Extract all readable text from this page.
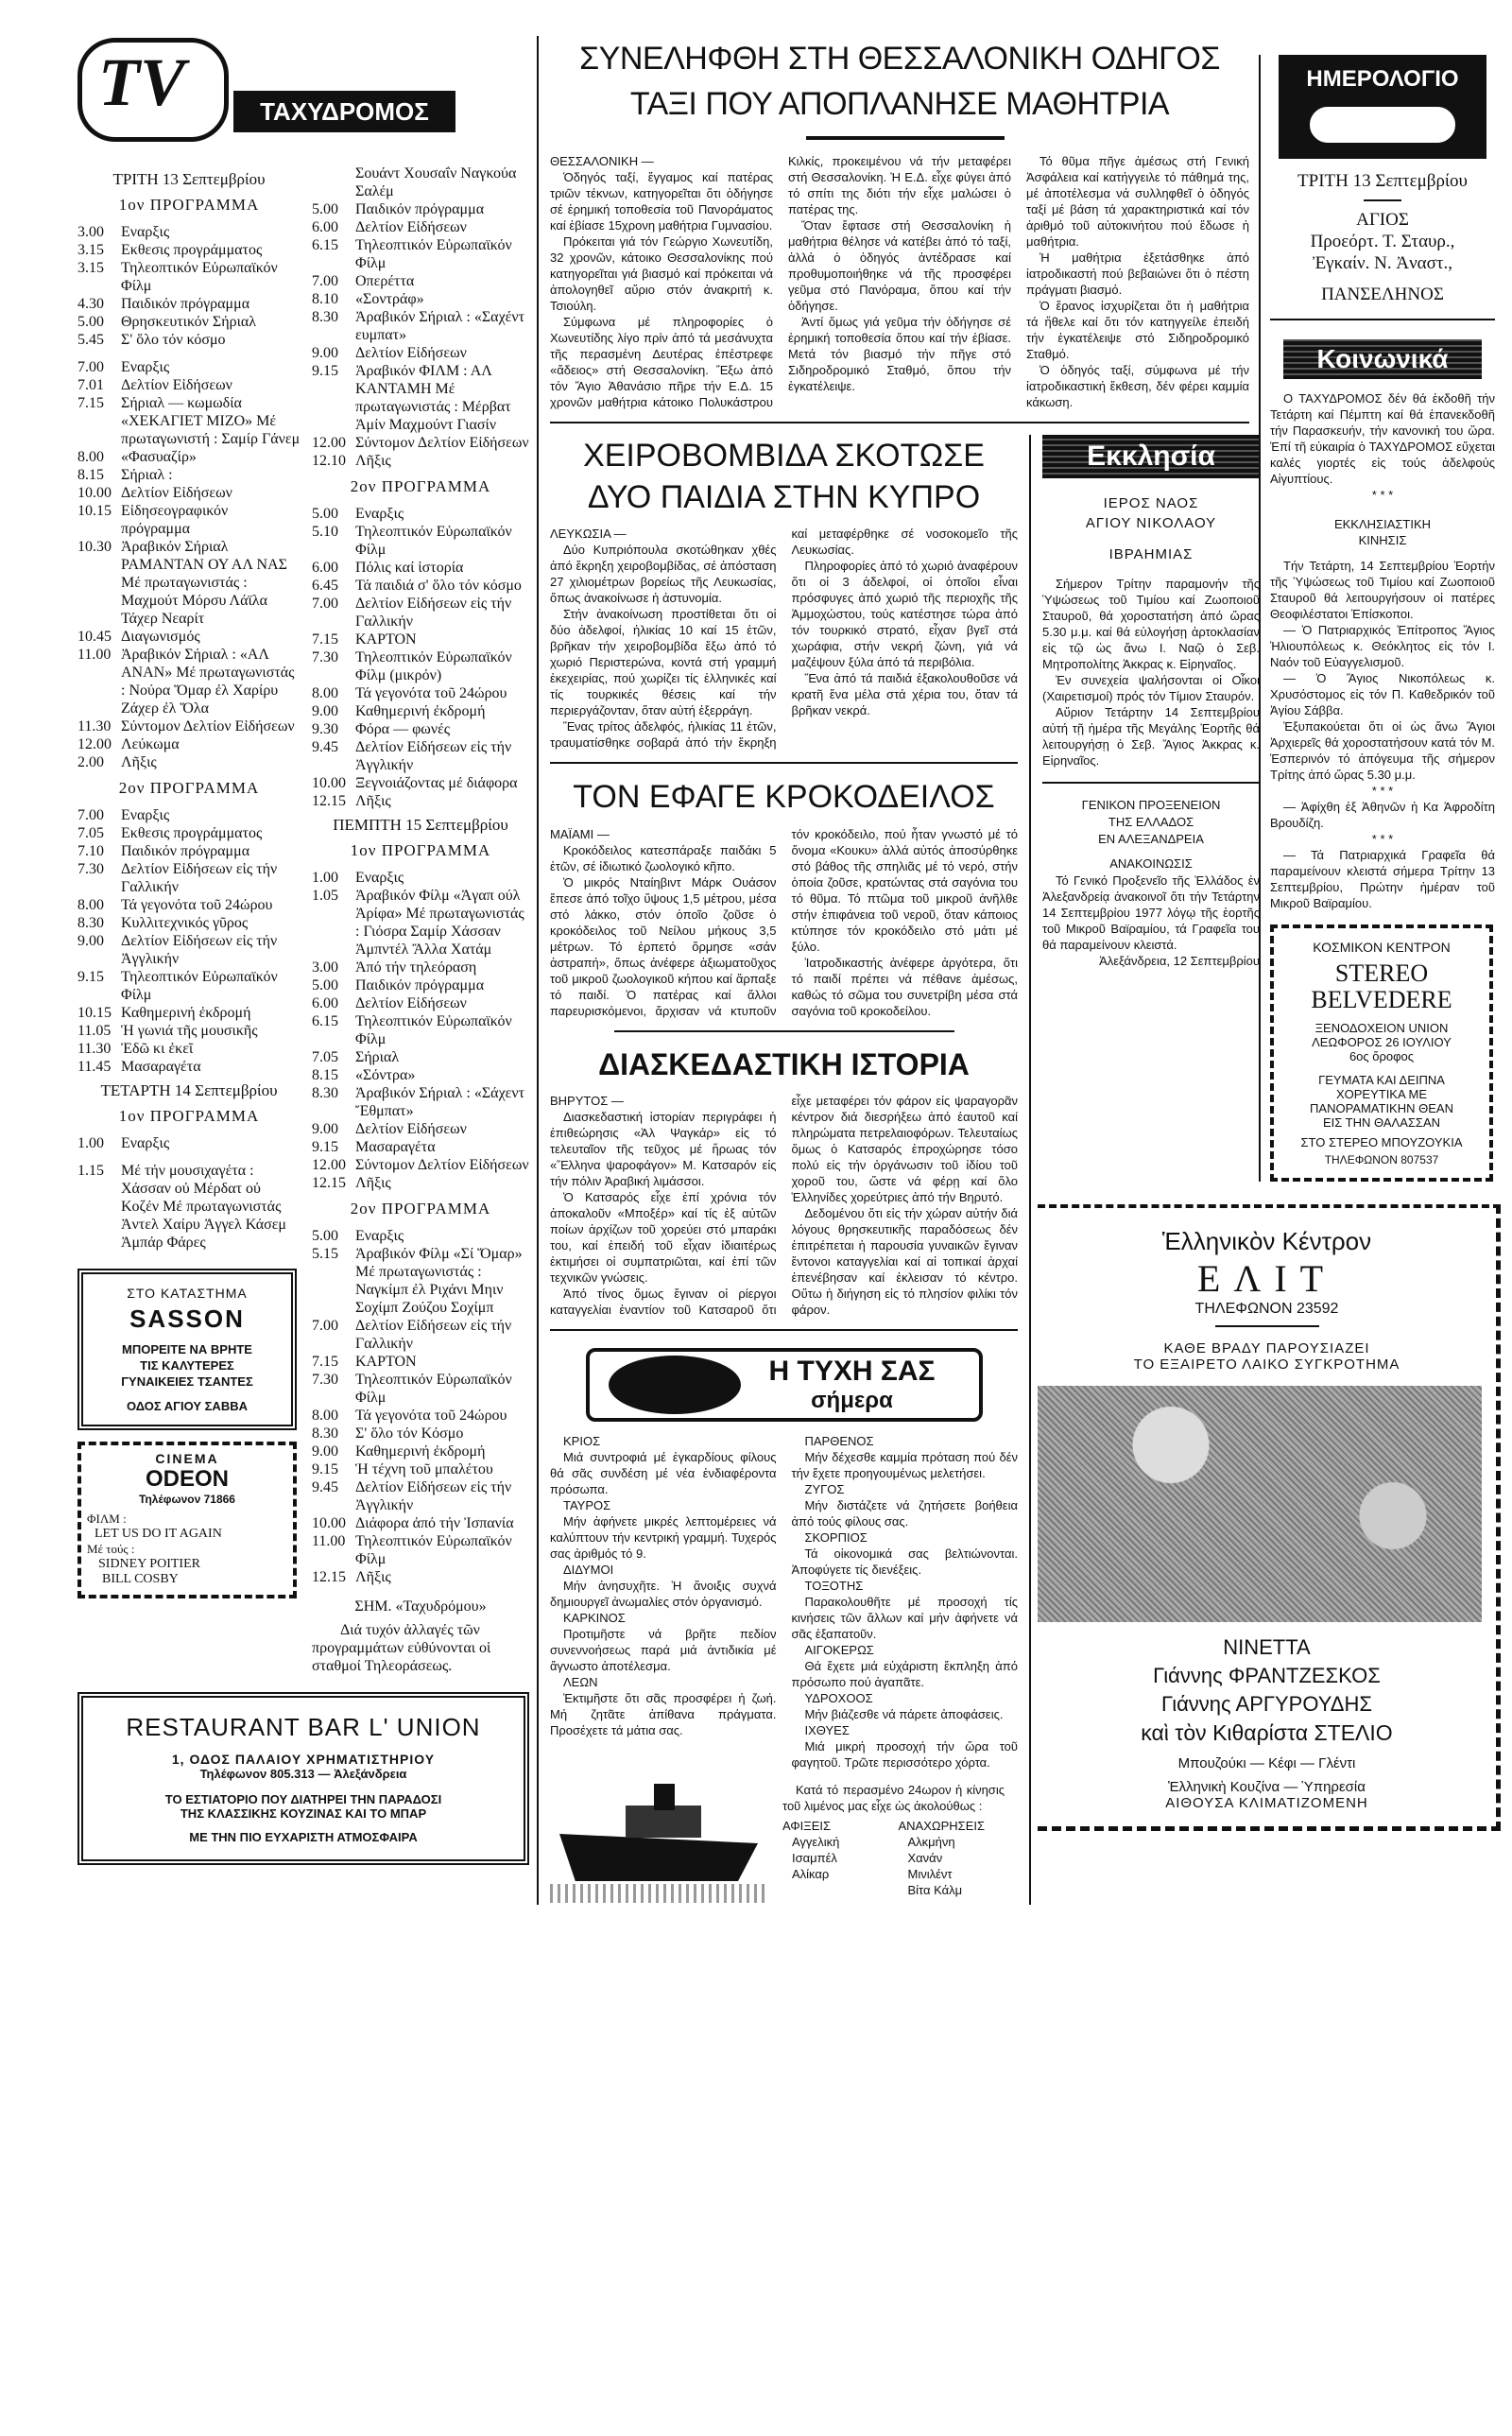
TV	ΤΑΧΥΔΡΟΜΟΣ
ΤΡΙΤΗ 13 Σεπτεμβρίου
1ον ΠΡΟΓΡΑΜΜΑ
3.00	Εναρξις
3.15	Εκθεσις προγράμματος
3.15	Τηλεοπτικόν Εὐρωπαϊκόν Φίλμ
4.30	Παιδικόν πρόγραμμα
5.00	Θρησκευτικόν Σήριαλ
5.45	Σ' ὅλο τόν κόσμο
7.00	Εναρξις
7.01	Δελτίον Εἰδήσεων
7.15	Σήριαλ — κωμωδία «ΧΕΚΑΓΙΕΤ ΜΙΖΟ» Μέ πρωταγωνιστή : Σαμίρ Γάνεμ
8.00	«Φασυαζίρ»
8.15	Σήριαλ :
10.00 Δελτίον Εἰδήσεων
10.15 Εἰδησεογραφικόν πρόγραμμα
10.30 Ἀραβικόν Σήριαλ ΡΑΜΑΝΤΑΝ ΟΥ ΑΛ ΝΑΣ Μέ πρωταγωνιστάς : Μαχμούτ Μόρσυ Λάϊλα Τάχερ Νεαρίτ
10.45 Διαγωνισμός
11.00 Ἀραβικόν Σήριαλ : «ΑΛ ΑΝΑΝ» Μέ πρωταγωνιστάς : Νούρα Ὅμαρ ἐλ Χαρίρυ Ζάχερ ἐλ Ὅλα
11.30 Σύντομον Δελτίον Εἰδήσεων
12.00 Λεύκωμα
2.00	Λῆξις
2ον ΠΡΟΓΡΑΜΜΑ
7.00	Εναρξις
7.05	Εκθεσις προγράμματος
7.10	Παιδικόν πρόγραμμα
7.30	Δελτίον Εἰδήσεων εἰς τήν Γαλλικήν
8.00	Τά γεγονότα τοῦ 24ώρου
8.30	Κυλλιτεχνικός γῦρος
9.00	Δελτίον Εἰδήσεων εἰς τήν Ἀγγλικήν
9.15	Τηλεοπτικόν Εὐρωπαϊκόν Φίλμ
10.15 Καθημερινή ἐκδρομή
11.05 Ἡ γωνιά τῆς μουσικῆς
11.30 Ἐδῶ κι ἐκεῖ
11.45 Μασαραγέτα
ΤΕΤΑΡΤΗ 14 Σεπτεμβρίου
1ον ΠΡΟΓΡΑΜΜΑ
1.00	Εναρξις
1.15	Μέ τήν μουσιχαγέτα : Χάσσαν οὐ Μέρδατ οὐ Κοζέν Μέ πρωταγωνιστάς Ἀντελ Χαίρυ Ἀγγελ Κάσεμ Ἀμπάρ Φάρες
ΣΤΟ ΚΑΤΑΣΤΗΜΑ
SASSON
ΜΠΟΡΕΙΤΕ ΝΑ ΒΡΗΤΕ
ΤΙΣ ΚΑΛΥΤΕΡΕΣ
ΓΥΝΑΙΚΕΙΕΣ ΤΣΑΝΤΕΣ
ΟΔΟΣ ΑΓΙΟΥ ΣΑΒΒΑ
CINEMA
ODEON
Τηλέφωνον 71866
ΦΙΛΜ :
LET US DO IT AGAIN
Μέ τούς :
SIDNEY POITIER
BILL COSBY
Σουάντ Χουσαΐν Ναγκούα Σαλέμ
5.00	Παιδικόν πρόγραμμα
6.00	Δελτίον Εἰδήσεων
6.15	Τηλεοπτικόν Εὐρωπαϊκόν Φίλμ
7.00	Οπερέττα
8.10	«Σοντράφ»
8.30	Ἀραβικόν Σήριαλ : «Σαχέντ ευμπατ»
9.00	Δελτίον Εἰδήσεων
9.15	Ἀραβικόν ΦΙΛΜ : ΑΛ ΚΑΝΤΑΜΗ Μέ πρωταγωνιστάς : Μέρβατ Ἀμίν Μαχμούντ Γιασίν
12.00 Σύντομον Δελτίον Εἰδήσεων
12.10 Λῆξις
2ον ΠΡΟΓΡΑΜΜΑ
5.00	Εναρξις
5.10	Τηλεοπτικόν Εὐρωπαϊκόν Φίλμ
6.00	Πόλις καί ἱστορία
6.45	Τά παιδιά σ' ὅλο τόν κόσμο
7.00	Δελτίον Εἰδήσεων εἰς τήν Γαλλικήν
7.15	ΚΑΡΤΟΝ
7.30	Τηλεοπτικόν Εὐρωπαϊκόν Φίλμ (μικρόν)
8.00	Τά γεγονότα τοῦ 24ώρου
9.00	Καθημερινή ἐκδρομή
9.30	Φόρα — φωνές
9.45	Δελτίον Εἰδήσεων εἰς τήν Ἀγγλικήν
10.00 Ξεγνοιάζοντας μέ διάφορα
12.15 Λῆξις
ΠΕΜΠΤΗ 15 Σεπτεμβρίου
1ον ΠΡΟΓΡΑΜΜΑ
1.00	Εναρξις
1.05	Ἀραβικόν Φίλμ «Ἀγαπ ούλ Ἀρίφα» Μέ πρωταγωνιστάς : Γιόσρα Σαμίρ Χάσσαν Ἀμπντέλ Ἄλλα Χατάμ
3.00	Ἀπό τήν τηλεόραση
5.00	Παιδικόν πρόγραμμα
6.00	Δελτίον Εἰδήσεων
6.15	Τηλεοπτικόν Εὐρωπαϊκόν Φίλμ
7.05	Σήριαλ
8.15	«Σόντρα»
8.30	Ἀραβικόν Σήριαλ : «Σάχεντ Ἔθμπατ»
9.00	Δελτίον Εἰδήσεων
9.15	Μασαραγέτα
12.00 Σύντομον Δελτίον Εἰδήσεων
12.15 Λῆξις
2ον ΠΡΟΓΡΑΜΜΑ
5.00	Εναρξις
5.15	Ἀραβικόν Φίλμ «Σί Ὅμαρ» Μέ πρωταγωνιστάς : Ναγκίμπ ἐλ Ριχάνι Μηιν Σοχίμπ Ζούζου Σοχίμπ
7.00	Δελτίον Εἰδήσεων εἰς τήν Γαλλικήν
7.15	ΚΑΡΤΟΝ
7.30	Τηλεοπτικόν Εὐρωπαϊκόν Φίλμ
8.00	Τά γεγονότα τοῦ 24ώρου
8.30	Σ' ὅλο τόν Κόσμο
9.00	Καθημερινή ἐκδρομή
9.15	Ἡ τέχνη τοῦ μπαλέτου
9.45	Δελτίον Εἰδήσεων εἰς τήν Ἀγγλικήν
10.00 Διάφορα ἀπό τήν Ἰσπανία
11.00 Τηλεοπτικόν Εὐρωπαϊκόν Φίλμ
12.15 Λῆξις
ΣΗΜ. «Ταχυδρόμου»
Διά τυχόν ἀλλαγές τῶν προγραμμάτων εὐθύνονται οἱ σταθμοί Τηλεοράσεως.
RESTAURANT BAR L' UNION
1, ΟΔΟΣ ΠΑΛΑΙΟΥ ΧΡΗΜΑΤΙΣΤΗΡΙΟΥ
Τηλέφωνον 805.313 — Ἀλεξάνδρεια
ΤΟ ΕΣΤΙΑΤΟΡΙΟ ΠΟΥ ΔΙΑΤΗΡΕΙ ΤΗΝ ΠΑΡΑΔΟΣΙ
ΤΗΣ ΚΛΑΣΣΙΚΗΣ ΚΟΥΖΙΝΑΣ ΚΑΙ ΤΟ ΜΠΑΡ
ΜΕ ΤΗΝ ΠΙΟ ΕΥΧΑΡΙΣΤΗ ΑΤΜΟΣΦΑΙΡΑ
ΣΥΝΕΛΗΦΘΗ ΣΤΗ ΘΕΣΣΑΛΟΝΙΚΗ ΟΔΗΓΟΣ
ΤΑΞΙ ΠΟΥ ΑΠΟΠΛΑΝΗΣΕ ΜΑΘΗΤΡΙΑ

ΘΕΣΣΑΛΟΝΙΚΗ —

Ὁδηγός ταξί, ἔγγαμος καί πατέρας τριῶν τέκνων, κατηγορεῖται ὅτι ὁδήγησε σέ ἐρημική τοποθεσία τοῦ Πανοράματος καί ἐβίασε 15χρονη μαθήτρια Γυμνασίου.

Πρόκειται γιά τόν Γεώργιο Χωνευτίδη, 32 χρονῶν, κάτοικο Θεσσαλονίκης πού κατηγορεῖται γιά βιασμό καί πρόκειται νά ἀπολογηθεῖ αὔριο στόν ἀνακριτή κ. Τσιούλη.

Σύμφωνα μέ πληροφορίες ὁ Χωνευτίδης λίγο πρίν ἀπό τά μεσάνυχτα τῆς περασμένη Δευτέρας ἐπέστρεφε «ἄδειος» στή Θεσσαλονίκη. Ἔξω ἀπό τόν Ἅγιο Ἀθανάσιο πῆρε τήν Ε.Δ. 15 χρονῶν μαθήτρια κάτοικο Πολυκάστρου Κιλκίς, προκειμένου νά τήν μεταφέρει στή Θεσσαλονίκη. Ἡ Ε.Δ. εἶχε φύγει ἀπό τό σπίτι της διότι τήν εἶχε μαλώσει ὁ πατέρας της.

Ὅταν ἔφτασε στή Θεσσαλονίκη ἡ μαθήτρια θέλησε νά κατέβει ἀπό τό ταξί, ἀλλά ὁ ὁδηγός ἀντέδρασε καί προθυμοποιήθηκε νά τῆς προσφέρει γεῦμα στό Πανόραμα, ὅπου καί τήν ὁδήγησε.

Ἀντί ὅμως γιά γεῦμα τήν ὁδήγησε σέ ἐρημική τοποθεσία ὅπου καί τήν ἐβίασε. Μετά τόν βιασμό τήν πῆγε στό Σιδηροδρομικό Σταθμό, ὅπου τήν ἐγκατέλειψε.

Τό θῦμα πῆγε ἀμέσως στή Γενική Ἀσφάλεια καί κατήγγειλε τό πάθημά της, μέ ἀποτέλεσμα νά συλληφθεῖ ὁ ὁδηγός ταξί μέ βάση τά χαρακτηριστικά καί τόν ἀριθμό τοῦ αὐτοκινήτου πού ἔδωσε ἡ μαθήτρια.

Ἡ μαθήτρια ἐξετάσθηκε ἀπό ἰατροδικαστή πού βεβαιώνει ὅτι ὁ πέστη πράγματι βιασμό.

Ὁ ἔρανος ἰσχυρίζεται ὅτι ἡ μαθήτρια τά ἤθελε καί ὅτι τόν κατηγγείλε ἐπειδή τήν ἐγκατέλειψε στό Σιδηροδρομικό Σταθμό.

Ὁ ὁδηγός ταξί, σύμφωνα μέ τήν ἰατροδικαστική ἔκθεση, δέν φέρει καμμία κάκωση.

ΧΕΙΡΟΒΟΜΒΙΔΑ ΣΚΟΤΩΣΕ
ΔΥΟ ΠΑΙΔΙΑ ΣΤΗΝ ΚΥΠΡΟ

ΛΕΥΚΩΣΙΑ —

Δύο Κυπριόπουλα σκοτώθηκαν χθές ἀπό ἔκρηξη χειροβομβίδας, σέ ἀπόσταση 27 χιλιομέτρων βορείως τῆς Λευκωσίας, ὅπως ἀνακοίνωσε ἡ ἀστυνομία.

Στήν ἀνακοίνωση προστίθεται ὅτι οἱ δύο ἀδελφοί, ἡλικίας 10 καί 15 ἐτῶν, βρῆκαν τήν χειροβομβίδα ἔξω ἀπό τό χωριό Περιστερώνα, κοντά στή γραμμή ἐκεχειρίας, πού χωρίζει τίς ἑλληνικές καί τίς τουρκικές θέσεις καί τήν περιεργάζονταν, ὅταν αὐτή ἐξερράγη.

Ἕνας τρίτος ἀδελφός, ἡλικίας 11 ἐτῶν, τραυματίσθηκε σοβαρά ἀπό τήν ἔκρηξη καί μεταφέρθηκε σέ νοσοκομεῖο τῆς Λευκωσίας.

Πληροφορίες ἀπό τό χωριό ἀναφέρουν ὅτι οἱ 3 ἀδελφοί, οἱ ὁποῖοι εἶναι πρόσφυγες ἀπό χωριό τῆς περιοχῆς τῆς Ἀμμοχώστου, τούς κατέστησε τώρα ἀπό τόν τουρκικό στρατό, εἶχαν βγεῖ στά χωράφια, στήν νεκρή ζώνη, γιά νά μαζέψουν ξύλα ἀπό τά περιβόλια.

Ἕνα ἀπό τά παιδιά ἐξακολουθοῦσε νά κρατῆ ἕνα μέλα στά χέρια του, ὅταν τά βρῆκαν νεκρά.

ΤΟΝ ΕΦΑΓΕ ΚΡΟΚΟΔΕΙΛΟΣ

ΜΑΪΑΜΙ —

Κροκόδειλος κατεσπάραξε παιδάκι 5 ἐτῶν, σέ ἰδιωτικό ζωολογικό κῆπο.

Ὁ μικρός Νταίηβιντ Μάρκ Ουάσον ἔπεσε ἀπό τοῖχο ὕψους 1,5 μέτρου, μέσα στό λάκκο, στόν ὁποῖο ζοῦσε ὁ κροκόδειλος τοῦ Νείλου μήκους 3,5 μέτρων. Τό ἑρπετό ὅρμησε «σάν ἀστραπή», ὅπως ἀνέφερε ἀξιωματοῦχος τοῦ μικροῦ ζωολογικοῦ κήπου καί ἅρπαξε τό παιδί. Ὁ πατέρας καί ἄλλοι παρευρισκόμενοι, ἄρχισαν νά κτυποῦν τόν κροκόδειλο, πού ἦταν γνωστό μέ τό ὄνομα «Κουκυ» ἀλλά αὐτός ἀποσύρθηκε στό βάθος τῆς σπηλιᾶς μέ τό νερό, στήν ὁποία ζοῦσε, κρατώντας στά σαγόνια του τό θῦμα. Τό πτῶμα τοῦ μικροῦ ἀνῆλθε στήν ἐπιφάνεια τοῦ νεροῦ, ὅταν κάποιος κτύπησε τόν κροκόδειλο στό μάτι μέ ξύλο.

Ἰατροδικαστής ἀνέφερε ἀργότερα, ὅτι τό παιδί πρέπει νά πέθανε ἀμέσως, καθώς τό σῶμα του συνετρίβη μέσα στά σαγόνια τοῦ κροκοδείλου.

ΔΙΑΣΚΕΔΑΣΤΙΚΗ ΙΣΤΟΡΙΑ

ΒΗΡΥΤΟΣ —

Διασκεδαστική ἱστορίαν περιγράφει ἡ ἐπιθεώρησις «Ἀλ Ψαγκάρ» εἰς τό τελευταῖον τῆς τεῦχος μέ ἥρωας τόν «Ἕλληνα ψαροφάγον» Μ. Κατσαρόν εἰς τήν πόλιν Ἀραβική λιμάσσοι.

Ὁ Κατσαρός εἶχε ἐπί χρόνια τόν ἀποκαλοῦν «Μποξέρ» καί τίς ἐξ αὐτῶν ποίων ἀρχίζων τοῦ χορεύει στό μπαράκι του, καί ἐπειδή τοῦ εἶχαν ἰδιαιτέρως ἐκτιμήσει οἱ συμπατριῶται, καί ἐπί τῶν τεχνικῶν γνώσεις.

Ἀπό τίνος ὅμως ἔγιναν οἱ ρίεργοι καταγγελίαι ἐναντίον τοῦ Κατσαροῦ ὅτι εἶχε μεταφέρει τόν φάρον εἰς ψαραγορᾶν κέντρον διά διεσρήξεω ἀπό ἑαυτοῦ καί πληρώματα πετρελαιοφόρων. Τελευταίως ὅμως ὁ Κατσαρός ἐπροχώρησε τόσο πολύ εἰς τήν ὀργάνωσιν τοῦ ἰδίου τοῦ χοροῦ του, ὥστε νά φέρῃ καί ὅλο Ἑλληνίδες χορεύτριες ἀπό τήν Βηρυτό.

Δεδομένου ὅτι εἰς τήν χώραν αὐτήν διά λόγους θρησκευτικῆς παραδόσεως δέν ἐπιτρέπεται ἡ παρουσία γυναικῶν ἔγιναν ἔντονοι καταγγελίαι καί αἱ τοπικαί ἀρχαί ἐπενέβησαν καί ἐκλεισαν τό κέντρο. Οὕτω ἡ διήγηση εἰς τό πλησίον φιλίκι τόν φάρον.

Η ΤΥΧΗ ΣΑΣ
σήμερα
ΚΡΙΟΣ

Μιά συντροφιά μέ ἐγκαρδίους φίλους θά σᾶς συνδέση μέ νέα ἐνδιαφέροντα πρόσωπα.

ΤΑΥΡΟΣ

Μήν ἀφήνετε μικρές λεπτομέρειες νά καλύπτουν τήν κεντρική γραμμή. Τυχερός σας ἀριθμός τό 9.

ΔΙΔΥΜΟΙ

Μήν ἀνησυχῆτε. Ἡ ἄνοιξις συχνά δημιουργεῖ ἀνωμαλίες στόν ὀργανισμό.

ΚΑΡΚΙΝΟΣ

Προτιμῆστε νά βρῆτε πεδίον συνεννοήσεως παρά μιά ἀντιδικία μέ ἄγνωστο ἀποτέλεσμα.

ΛΕΩΝ

Ἐκτιμῆστε ὅτι σᾶς προσφέρει ἡ ζωή. Μή ζητᾶτε ἀπίθανα πράγματα. Προσέχετε τά μάτια σας.

ΠΑΡΘΕΝΟΣ

Μήν δέχεσθε καμμία πρόταση πού δέν τήν ἔχετε προηγουμένως μελετήσει.

ΖΥΓΟΣ

Μήν διστάζετε νά ζητήσετε βοήθεια ἀπό τούς φίλους σας.

ΣΚΟΡΠΙΟΣ

Τά οἰκονομικά σας βελτιώνονται. Ἀποφύγετε τίς διενέξεις.

ΤΟΞΟΤΗΣ

Παρακολουθῆτε μέ προσοχή τίς κινήσεις τῶν ἄλλων καί μήν ἀφήνετε νά σᾶς ἐξαπατοῦν.

ΑΙΓΟΚΕΡΩΣ

Θά ἔχετε μιά εὐχάριστη ἔκπληξη ἀπό πρόσωπο πού ἀγαπᾶτε.

ΥΔΡΟΧΟΟΣ

Μήν βιάζεσθε νά πάρετε ἀποφάσεις.

ΙΧΘΥΕΣ

Μιά μικρή προσοχή τήν ὥρα τοῦ φαγητοῦ. Τρῶτε περισσότερο χόρτα.

Κατά τό περασμένο 24ωρον ἡ κίνησις τοῦ λιμένος μας εἶχε ὡς ἀκολούθως :

ΑΦΙΞΕΙΣ
Αγγελική
Ισαμπέλ
Αλίκαρ
ΑΝΑΧΩΡΗΣΕΙΣ
Αλκμήνη
Χανάν
Μινιλέντ
Βίτα Κάλμ
Εκκλησία
ΙΕΡΟΣ ΝΑΟΣ
ΑΓΙΟΥ ΝΙΚΟΛΑΟΥ
ΙΒΡΑΗΜΙΑΣ

Σήμερον Τρίτην παραμονήν τῆς Ὑψώσεως τοῦ Τιμίου καί Ζωοποιοῦ Σταυροῦ, θά χοροστατήση ἀπό ὥρας 5.30 μ.μ. καί θά εὐλογήσῃ ἀρτοκλασίαν εἰς τῷ ὡς ἄνω Ι. Ναῷ ὁ Σεβ. Μητροπολίτης Ἀκκρας κ. Εἰρηναῖος.

Ἐν συνεχεία ψαλήσονται οἱ Οἶκοι (Χαιρετισμοί) πρός τόν Τίμιον Σταυρόν.

Αὔριον Τετάρτην 14 Σεπτεμβρίου αὐτή τῇ ἡμέρα τῆς Μεγάλης Ἑορτῆς θά λειτουργήσῃ ὁ Σεβ. Ἅγιος Ἀκκρας κ. Εἰρηναῖος.

ΓΕΝΙΚΟΝ ΠΡΟΞΕΝΕΙΟΝ
ΤΗΣ ΕΛΛΑΔΟΣ
ΕΝ ΑΛΕΞΑΝΔΡΕΙΑ
ΑΝΑΚΟΙΝΩΣΙΣ

Τό Γενικό Προξενεῖο τῆς Ἑλλάδος ἐν Ἀλεξανδρείᾳ ἀνακοινοῖ ὅτι τήν Τετάρτην 14 Σεπτεμβρίου 1977 λόγῳ τῆς ἑορτῆς τοῦ Μικροῦ Βαϊραμίου, τά Γραφεῖα του θά παραμείνουν κλειστά.

Ἀλεξάνδρεια, 12 Σεπτεμβρίου

ΗΜΕΡΟΛΟΓΙΟ
ΤΡΙΤΗ 13 Σεπτεμβρίου
ΑΓΙΟΣ
Προεόρτ. Τ. Σταυρ.,
Ἐγκαίν. Ν. Ἀναστ.,
ΠΑΝΣΕΛΗΝΟΣ
Κοινωνικά

Ο ΤΑΧΥΔΡΟΜΟΣ δέν θά ἐκδοθῆ τήν Τετάρτη καί Πέμπτη καί θά ἐπανεκδοθῆ τήν Παρασκευήν, τήν κανονική του ὥρα. Ἐπί τῆ εὐκαιρία ὁ ΤΑΧΥΔΡΟΜΟΣ εὔχεται καλές γιορτές εἰς τούς ἀδελφούς Αἰγυπτίους.

* * *
ΕΚΚΛΗΣΙΑΣΤΙΚΗ
ΚΙΝΗΣΙΣ

Τήν Τετάρτη, 14 Σεπτεμβρίου Ἑορτήν τῆς Ὑψώσεως τοῦ Τιμίου καί Ζωοποιοῦ Σταυροῦ θά λειτουργήσουν οἱ πατέρες Θεοφιλέστατοι Ἐπίσκοποι.

— Ὁ Πατριαρχικός Ἐπίτροπος Ἅγιος Ἡλιουπόλεως κ. Θεόκλητος εἰς τόν Ι. Ναόν τοῦ Εὐαγγελισμοῦ.

— Ὁ Ἅγιος Νικοπόλεως κ. Χρυσόστομος εἰς τόν Π. Καθεδρικόν τοῦ Ἁγίου Σάββα.

Ἐξυπακούεται ὅτι οἱ ὡς ἄνω Ἅγιοι Ἀρχιερεῖς θά χοροστατήσουν κατά τόν Μ. Ἑσπερινόν τό ἀπόγευμα τῆς σήμερον Τρίτης ἀπό ὥρας 5.30 μ.μ.

* * *

— Ἀφίχθη ἐξ Ἀθηνῶν ἡ Κα Ἀφροδίτη Βρουδίζη.

* * *

— Τά Πατριαρχικά Γραφεῖα θά παραμείνουν κλειστά σήμερα Τρίτην 13 Σεπτεμβρίου, Πρώτην ἡμέραν τοῦ Μικροῦ Βαϊραμίου.

ΚΟΣΜΙΚΟΝ ΚΕΝΤΡΟΝ
STEREO
BELVEDERE
ΞΕΝΟΔΟΧΕΙΟΝ UNION
ΛΕΩΦΟΡΟΣ 26 ΙΟΥΛΙΟΥ
6ος ὄροφος
ΓΕΥΜΑΤΑ ΚΑΙ ΔΕΙΠΝΑ
ΧΟΡΕΥΤΙΚΑ ΜΕ
ΠΑΝΟΡΑΜΑΤΙΚΗΝ ΘΕΑΝ
ΕΙΣ ΤΗΝ ΘΑΛΑΣΣΑΝ
ΣΤΟ ΣΤΕΡΕΟ ΜΠΟΥΖΟΥΚΙΑ
ΤΗΛΕΦΩΝΟΝ 807537
Ἑλληνικὸν Κέντρον
ΕΛΙΤ
ΤΗΛΕΦΩΝΟΝ 23592
ΚΑΘΕ ΒΡΑΔΥ ΠΑΡΟΥΣΙΑΖΕΙ
ΤΟ ΕΞΑΙΡΕΤΟ ΛΑΙΚΟ ΣΥΓΚΡΟΤΗΜΑ
ΝΙΝΕΤΤΑ
Γιάννης ΦΡΑΝΤΖΕΣΚΟΣ
Γιάννης ΑΡΓΥΡΟΥΔΗΣ
καὶ τὸν Κιθαρίστα ΣΤΕΛΙΟ
Μπουζούκι — Κέφι — Γλέντι
Ἑλληνικὴ Κουζίνα — Ὑπηρεσία
ΑΙΘΟΥΣΑ ΚΛΙΜΑΤΙΖΟΜΕΝΗ
